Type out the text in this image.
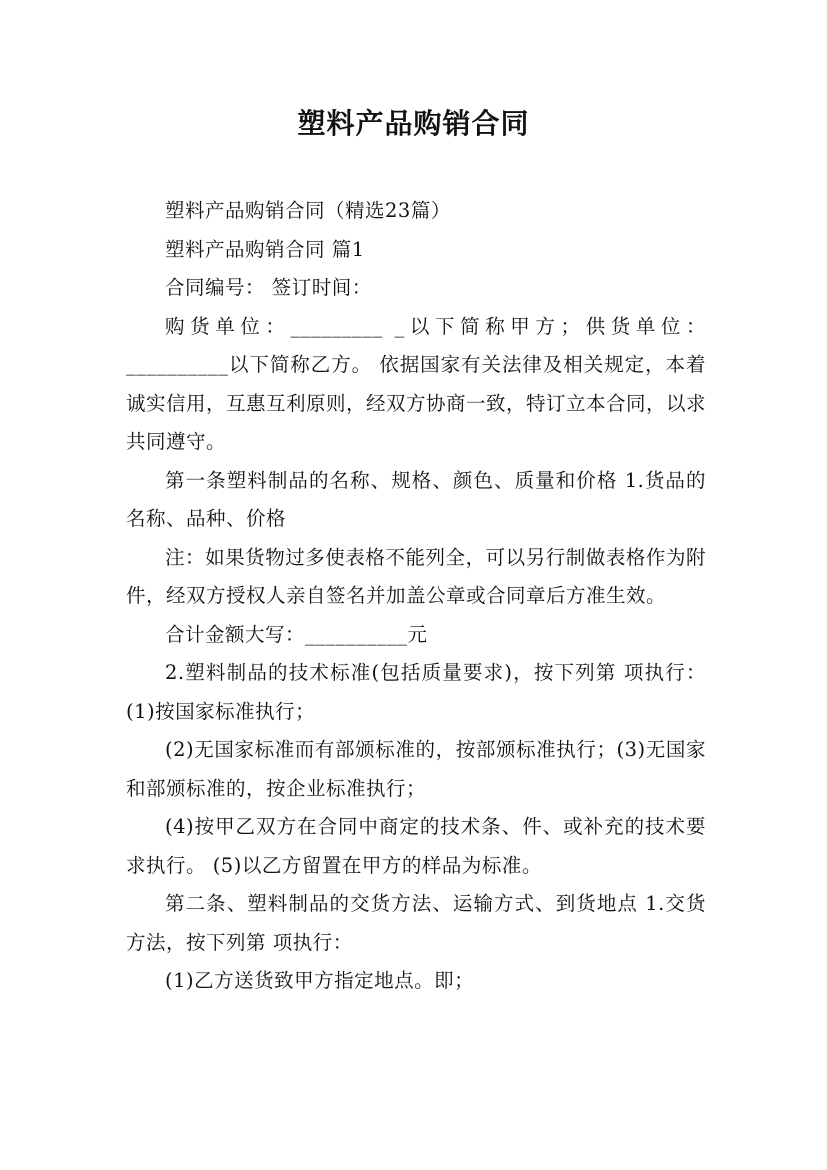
塑料产品购销合同

塑料产品购销合同（精选23篇）

塑料产品购销合同 篇1

合同编号： 签订时间：

购货单位：_________ _以下简称甲方；供货单位：__________以下简称乙方。 依据国家有关法律及相关规定，本着诚实信用，互惠互利原则，经双方协商一致，特订立本合同，以求共同遵守。

第一条塑料制品的名称、规格、颜色、质量和价格 1.货品的名称、品种、价格

注：如果货物过多使表格不能列全，可以另行制做表格作为附件，经双方授权人亲自签名并加盖公章或合同章后方准生效。

合计金额大写：__________元

2.塑料制品的技术标准(包括质量要求)，按下列第 项执行： (1)按国家标准执行；

(2)无国家标准而有部颁标准的，按部颁标准执行；(3)无国家和部颁标准的，按企业标准执行；

(4)按甲乙双方在合同中商定的技术条、件、或补充的技术要求执行。 (5)以乙方留置在甲方的样品为标准。

第二条、塑料制品的交货方法、运输方式、到货地点 1.交货方法，按下列第 项执行：

(1)乙方送货致甲方指定地点。即；
